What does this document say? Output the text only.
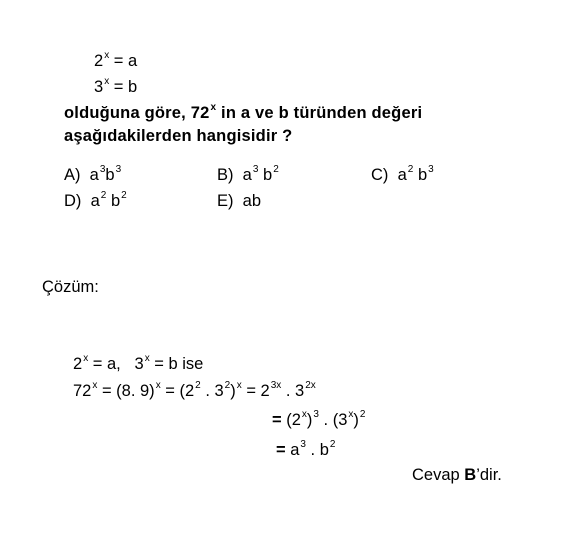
$2^x = a$
$3^x = b$
olduğuna göre, 72$^x$ in a ve b türünden değeri
aşağıdakilerden hangisidir ?
A) $a^3b^3$	B) $a^3$ $b^2$	C) $a^2$ $b^3$
D) $a^2$ $b^2$	E) ab
Çözüm:
$2^x = a$,   $3^x = b$ ise
$72^x = (8$. $9)^x = (2^2$ . $3^2)^x = 2^{3x}$ . $3^{2x}$
= $(2^x)^3$ . $(3^x)^2$
= $a^3$ . $b^2$
Cevap B’dir.
